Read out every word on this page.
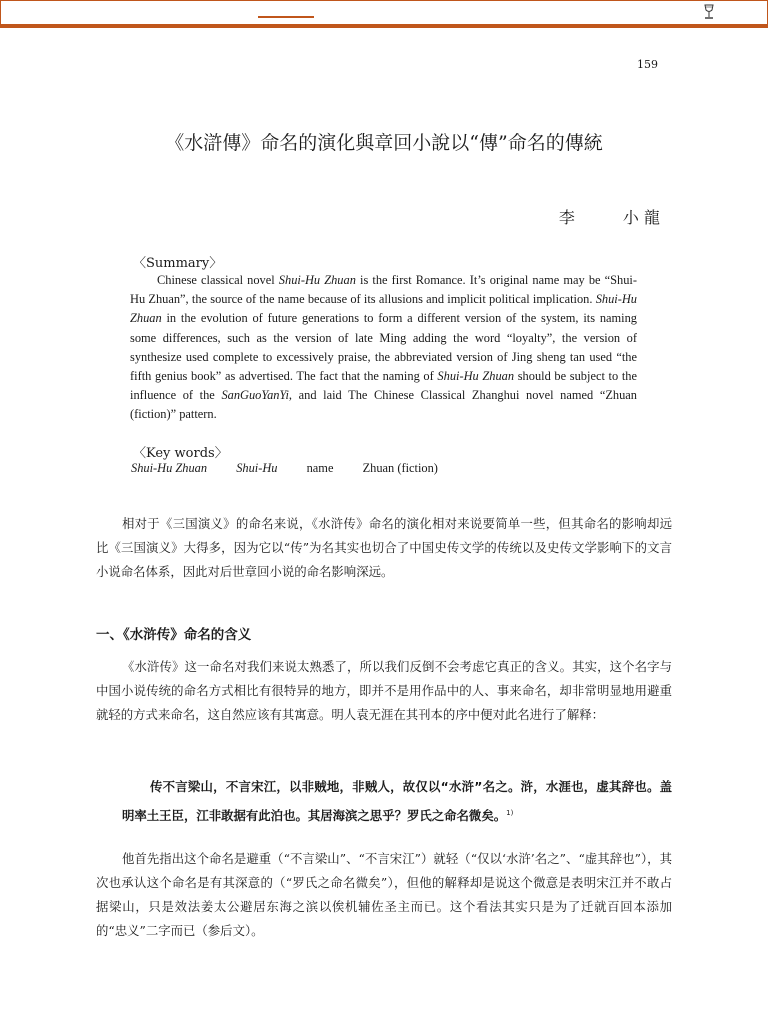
159
《水滸傳》命名的演化與章回小說以“傳”命名的傳統
李	小 龍
〈Summary〉

Chinese classical novel Shui-Hu Zhuan is the first Romance. It’s original name may be “Shui-Hu Zhuan”, the source of the name because of its allusions and implicit political implication. Shui-Hu Zhuan in the evolution of future generations to form a different version of the system, its naming some differences, such as the version of late Ming adding the word “loyalty”, the version of synthesize used complete to excessively praise, the abbreviated version of Jing sheng tan used “the fifth genius book” as advertised. The fact that the naming of Shui-Hu Zhuan should be subject to the influence of the SanGuoYanYi, and laid The Chinese Classical Zhanghui novel named “Zhuan (fiction)” pattern.

〈Key words〉
Shui-Hu Zhuan Shui-Hu name Zhuan (fiction)

相对于《三国演义》的命名来说，《水浒传》命名的演化相对来说要简单一些，但其命名的影响却远比《三国演义》大得多，因为它以“传”为名其实也切合了中国史传文学的传统以及史传文学影响下的文言小说命名体系，因此对后世章回小说的命名影响深远。

一、《水浒传》命名的含义

《水浒传》这一命名对我们来说太熟悉了，所以我们反倒不会考虑它真正的含义。其实，这个名字与中国小说传统的命名方式相比有很特异的地方，即并不是用作品中的人、事来命名，却非常明显地用避重就轻的方式来命名，这自然应该有其寓意。明人袁无涯在其刊本的序中便对此名进行了解释：

传不言梁山，不言宋江，以非贼地，非贼人，故仅以“水浒”名之。浒，水涯也，虚其辞也。盖明率土王臣，江非敢据有此泊也。其居海滨之思乎？罗氏之命名微矣。$^{1)}$

他首先指出这个命名是避重（“不言梁山”、“不言宋江”）就轻（“仅以‘水浒’名之”、“虚其辞也”），其次也承认这个命名是有其深意的（“罗氏之命名微矣”），但他的解释却是说这个微意是表明宋江并不敢占据梁山，只是效法姜太公避居东海之滨以俟机辅佐圣主而已。这个看法其实只是为了迁就百回本添加的“忠义”二字而已（参后文）。
